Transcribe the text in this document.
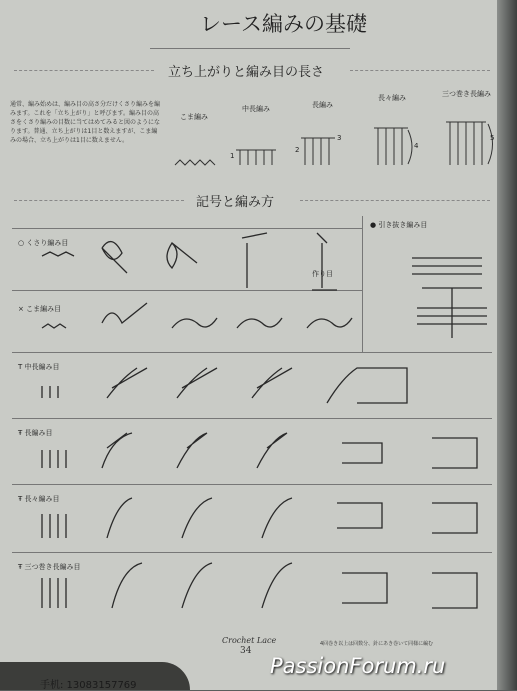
レース編みの基礎
立ち上がりと編み目の長さ
通常、編み始めは、編み目の高さ分だけくさり編みを編みます。これを「立ち上がり」と呼びます。編み目の高さをくさり編みの目数に当てはめてみると図のようになります。普通、立ち上がりは1目と数えますが、こま編みの場合、立ち上がりは1目に数えません。
こま編み
中長編み	長編み
長々編み	三つ巻き長編み
1
2
3
4
5
記号と編み方
○ くさり編み目
× こま編み目
T 中長編み目
Ŧ 長編み目
Ŧ 長々編み目
Ŧ 三つ巻き長編み目
● 引き抜き編み目
作り目
4回巻き以上は回数分、針にあき巻いて同様に編む
Crochet Lace
34
手机: 13083157769
PassionForum.ru
